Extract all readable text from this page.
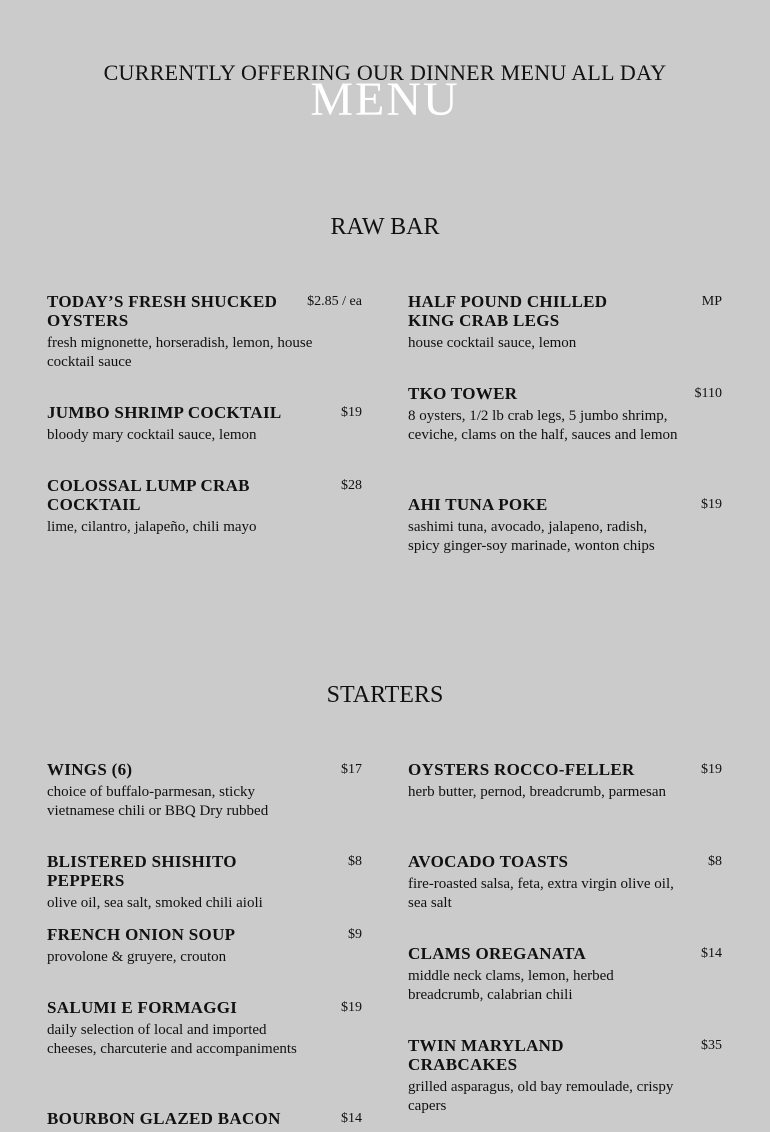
CURRENTLY OFFERING OUR DINNER MENU ALL DAY
MENU
RAW BAR
TODAY’S FRESH SHUCKED OYSTERS
$2.85 / ea
fresh mignonette, horseradish, lemon, house cocktail sauce
JUMBO SHRIMP COCKTAIL	$19
bloody mary cocktail sauce, lemon
COLOSSAL LUMP CRAB COCKTAIL
$28
lime, cilantro, jalapeño, chili mayo
HALF POUND CHILLED KING CRAB LEGS
MP
house cocktail sauce, lemon
TKO TOWER	$110
8 oysters, 1/2 lb crab legs, 5 jumbo shrimp, ceviche, clams on the half, sauces and lemon
AHI TUNA POKE	$19
sashimi tuna, avocado, jalapeno, radish, spicy ginger-soy marinade, wonton chips
STARTERS
WINGS (6)	$17
choice of buffalo-parmesan, sticky vietnamese chili or BBQ Dry rubbed
BLISTERED SHISHITO PEPPERS
$8
olive oil, sea salt, smoked chili aioli
FRENCH ONION SOUP	$9
provolone & gruyere, crouton
SALUMI E FORMAGGI	$19
daily selection of local and imported cheeses, charcuterie and accompaniments
BOURBON GLAZED BACON	$14
OYSTERS ROCCO-FELLER	$19
herb butter, pernod, breadcrumb, parmesan
AVOCADO TOASTS	$8
fire-roasted salsa, feta, extra virgin olive oil, sea salt
CLAMS OREGANATA	$14
middle neck clams, lemon, herbed breadcrumb, calabrian chili
TWIN MARYLAND CRABCAKES
$35
grilled asparagus, old bay remoulade, crispy capers
